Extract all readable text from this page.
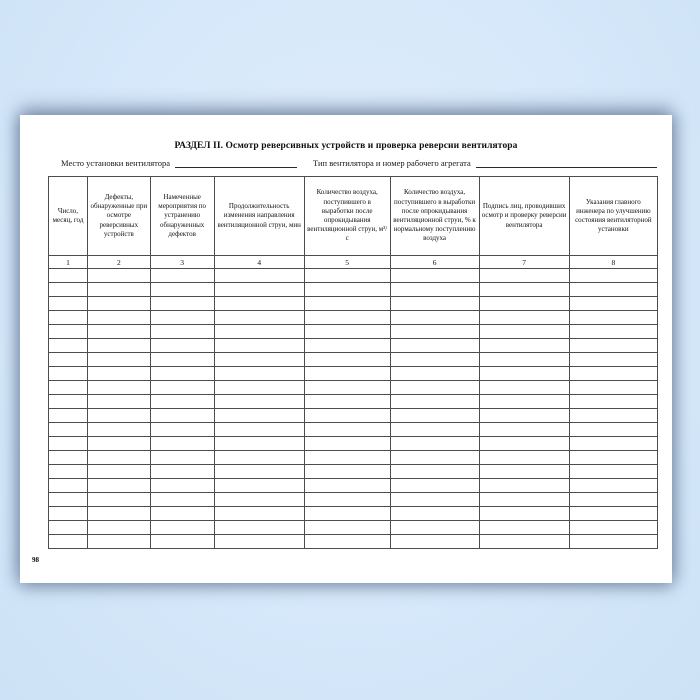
РАЗДЕЛ II. Осмотр реверсивных устройств и проверка реверсии вентилятора
Место установки вентилятора	Тип вентилятора и номер рабочего агрегата
Число, месяц, год	Дефекты, обнаруженные при осмотре реверсивных устройств	Намеченные мероприятия по устранению обнаруженных дефектов	Продолжительность изменения направления вентиляционной струи, мин	Количество воздуха, поступившего в выработки после опрокидывания вентиляционной струи, м³/с	Количество воздуха, поступившего в выработки после опрокидывания вентиляционной струи, % к нормальному поступлению воздуха	Подпись лиц, проводивших осмотр и проверку реверсии вентилятора	Указания главного инженера по улучшению состояния вентиляторной установки
1	2	3	4	5	6	7	8

98
